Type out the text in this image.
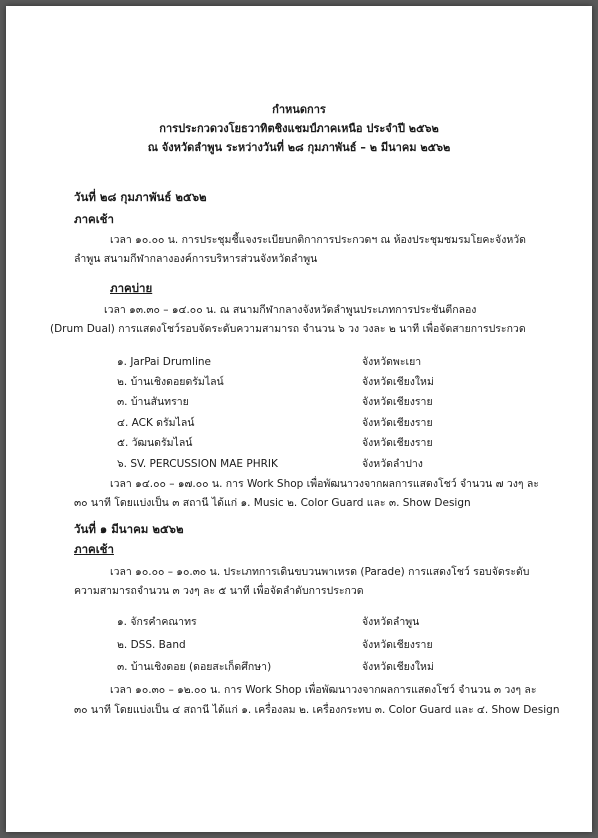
กำหนดการ
การประกวดวงโยธวาทิตชิงแชมป์ภาคเหนือ ประจำปี ๒๕๖๒
ณ จังหวัดลำพูน ระหว่างวันที่ ๒๘ กุมภาพันธ์ – ๒ มีนาคม ๒๕๖๒
วันที่ ๒๘ กุมภาพันธ์ ๒๕๖๒
ภาคเช้า
เวลา ๑๐.๐๐ น. การประชุมชี้แจงระเบียบกติกาการประกวดฯ ณ ห้องประชุมชมรมโยคะจังหวัด
ลำพูน สนามกีฬากลางองค์การบริหารส่วนจังหวัดลำพูน
ภาคบ่าย
เวลา ๑๓.๓๐ – ๑๔.๐๐ น. ณ สนามกีฬากลางจังหวัดลำพูนประเภทการประชันตีกลอง
(Drum Dual) การแสดงโชว์รอบจัดระดับความสามารถ จำนวน ๖ วง วงละ ๒ นาที เพื่อจัดสายการประกวด
๑. JarPai Drumline	จังหวัดพะเยา
๒. บ้านเชิงดอยดรัมไลน์	จังหวัดเชียงใหม่
๓. บ้านสันทราย	จังหวัดเชียงราย
๔. ACK ดรัมไลน์	จังหวัดเชียงราย
๕. วัฒนดรัมไลน์	จังหวัดเชียงราย
๖. SV. PERCUSSION MAE PHRIK	จังหวัดลำปาง
เวลา ๑๔.๐๐ – ๑๗.๐๐ น. การ Work Shop เพื่อพัฒนาวงจากผลการแสดงโชว์ จำนวน ๗ วงๆ ละ
๓๐ นาที โดยแบ่งเป็น ๓ สถานี ได้แก่ ๑. Music ๒. Color Guard และ ๓. Show Design
วันที่ ๑ มีนาคม ๒๕๖๒
ภาคเช้า
เวลา ๑๐.๐๐ – ๑๐.๓๐ น. ประเภทการเดินขบวนพาเหรด (Parade) การแสดงโชว์ รอบจัดระดับ
ความสามารถจำนวน ๓ วงๆ ละ ๕ นาที เพื่อจัดลำดับการประกวด
๑. จักรคำคณาทร	จังหวัดลำพูน
๒. DSS. Band	จังหวัดเชียงราย
๓. บ้านเชิงดอย (ดอยสะเก็ดศึกษา)	จังหวัดเชียงใหม่
เวลา ๑๐.๓๐ – ๑๒.๐๐ น. การ Work Shop เพื่อพัฒนาวงจากผลการแสดงโชว์ จำนวน ๓ วงๆ ละ
๓๐ นาที โดยแบ่งเป็น ๔ สถานี ได้แก่ ๑. เครื่องลม ๒. เครื่องกระทบ ๓. Color Guard และ ๔. Show Design
